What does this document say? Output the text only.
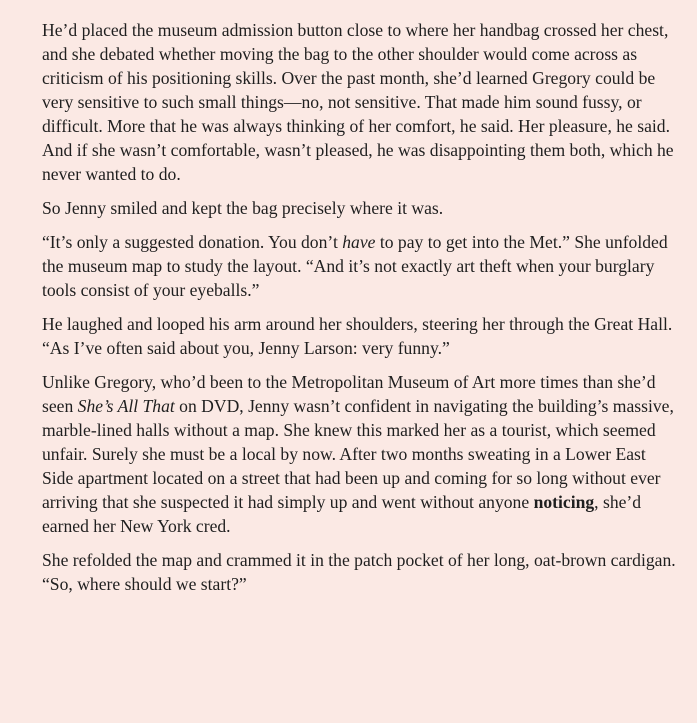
He’d placed the museum admission button close to where her handbag crossed her chest, and she debated whether moving the bag to the other shoulder would come across as criticism of his positioning skills. Over the past month, she’d learned Gregory could be very sensitive to such small things—no, not sensitive. That made him sound fussy, or difficult. More that he was always thinking of her comfort, he said. Her pleasure, he said. And if she wasn’t comfortable, wasn’t pleased, he was disappointing them both, which he never wanted to do.

So Jenny smiled and kept the bag precisely where it was.

“It’s only a suggested donation. You don’t have to pay to get into the Met.” She unfolded the museum map to study the layout. “And it’s not exactly art theft when your burglary tools consist of your eyeballs.”

He laughed and looped his arm around her shoulders, steering her through the Great Hall. “As I’ve often said about you, Jenny Larson: very funny.”

Unlike Gregory, who’d been to the Metropolitan Museum of Art more times than she’d seen She’s All That on DVD, Jenny wasn’t confident in navigating the building’s massive, marble-lined halls without a map. She knew this marked her as a tourist, which seemed unfair. Surely she must be a local by now. After two months sweating in a Lower East Side apartment located on a street that had been up and coming for so long without ever arriving that she suspected it had simply up and went without anyone noticing, she’d earned her New York cred.

She refolded the map and crammed it in the patch pocket of her long, oat-brown cardigan. “So, where should we start?”
